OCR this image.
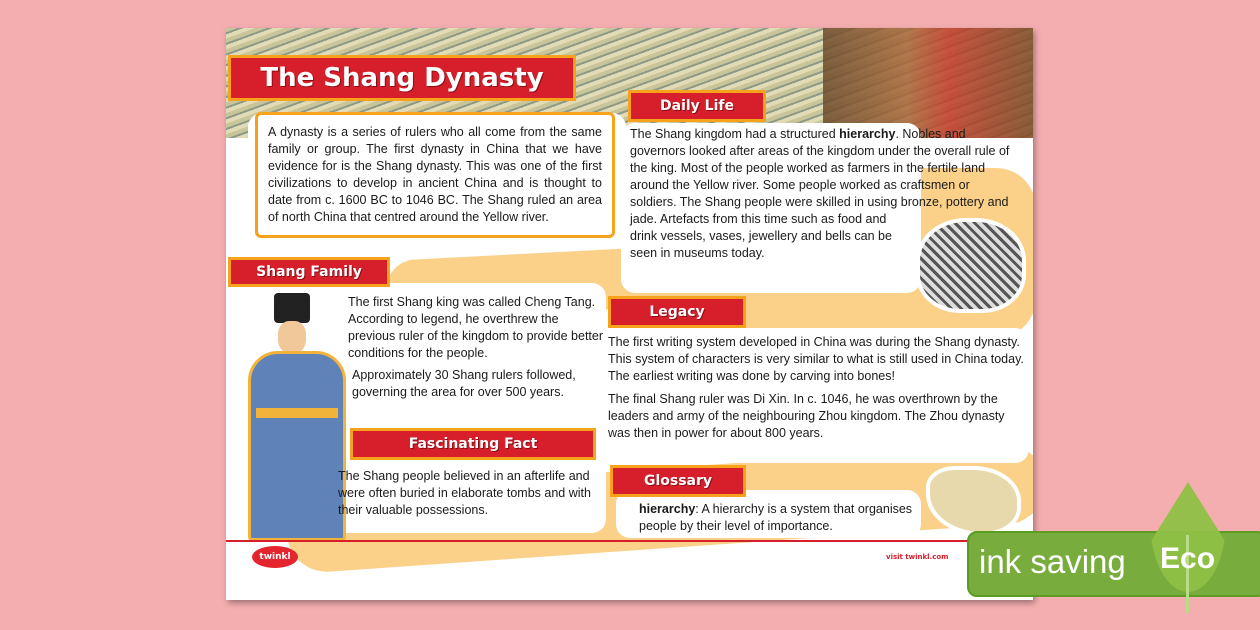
The Shang Dynasty
A dynasty is a series of rulers who all come from the same family or group. The first dynasty in China that we have evidence for is the Shang dynasty. This was one of the first civilizations to develop in ancient China and is thought to date from c. 1600 BC to 1046 BC. The Shang ruled an area of north China that centred around the Yellow river.
Daily Life
The Shang kingdom had a structured hierarchy. Nobles and governors looked after areas of the kingdom under the overall rule of the king. Most of the people worked as farmers in the fertile land around the Yellow river. Some people worked as craftsmen or soldiers. The Shang people were skilled in using bronze, pottery and jade. Artefacts from this time such as food and drink vessels, vases, jewellery and bells can be seen in museums today.
Shang Family
The first Shang king was called Cheng Tang. According to legend, he overthrew the previous ruler of the kingdom to provide better conditions for the people.
Approximately 30 Shang rulers followed, governing the area for over 500 years.
Legacy
The first writing system developed in China was during the Shang dynasty. This system of characters is very similar to what is still used in China today. The earliest writing was done by carving into bones!
The final Shang ruler was Di Xin. In c. 1046, he was overthrown by the leaders and army of the neighbouring Zhou kingdom. The Zhou dynasty was then in power for about 800 years.
Fascinating Fact
The Shang people believed in an afterlife and were often buried in elaborate tombs and with their valuable possessions.
Glossary
hierarchy: A hierarchy is a system that organises people by their level of importance.
twinkl	visit twinkl.com ink saving Eco
